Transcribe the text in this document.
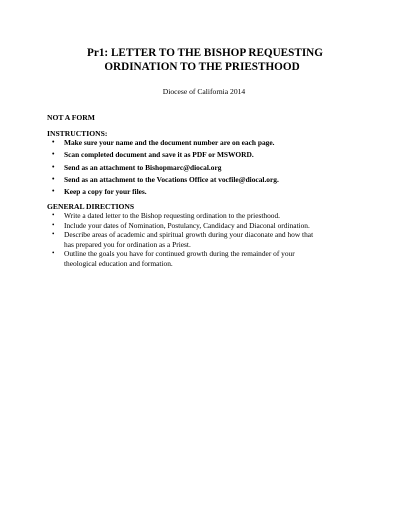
Pr1: LETTER TO THE BISHOP REQUESTING
ORDINATION TO THE PRIESTHOOD
Diocese of California 2014
NOT A FORM
INSTRUCTIONS:
• Make sure your name and the document number are on each page.
• Scan completed document and save it as PDF or MSWORD.
• Send as an attachment to Bishopmarc@diocal.org
• Send as an attachment to the Vocations Office at vocfile@diocal.org.
• Keep a copy for your files.
GENERAL DIRECTIONS
• Write a dated letter to the Bishop requesting ordination to the priesthood.
• Include your dates of Nomination, Postulancy, Candidacy and Diaconal ordination.
• Describe areas of academic and spiritual growth during your diaconate and how that has prepared you for ordination as a Priest.
• Outline the goals you have for continued growth during the remainder of your theological education and formation.
